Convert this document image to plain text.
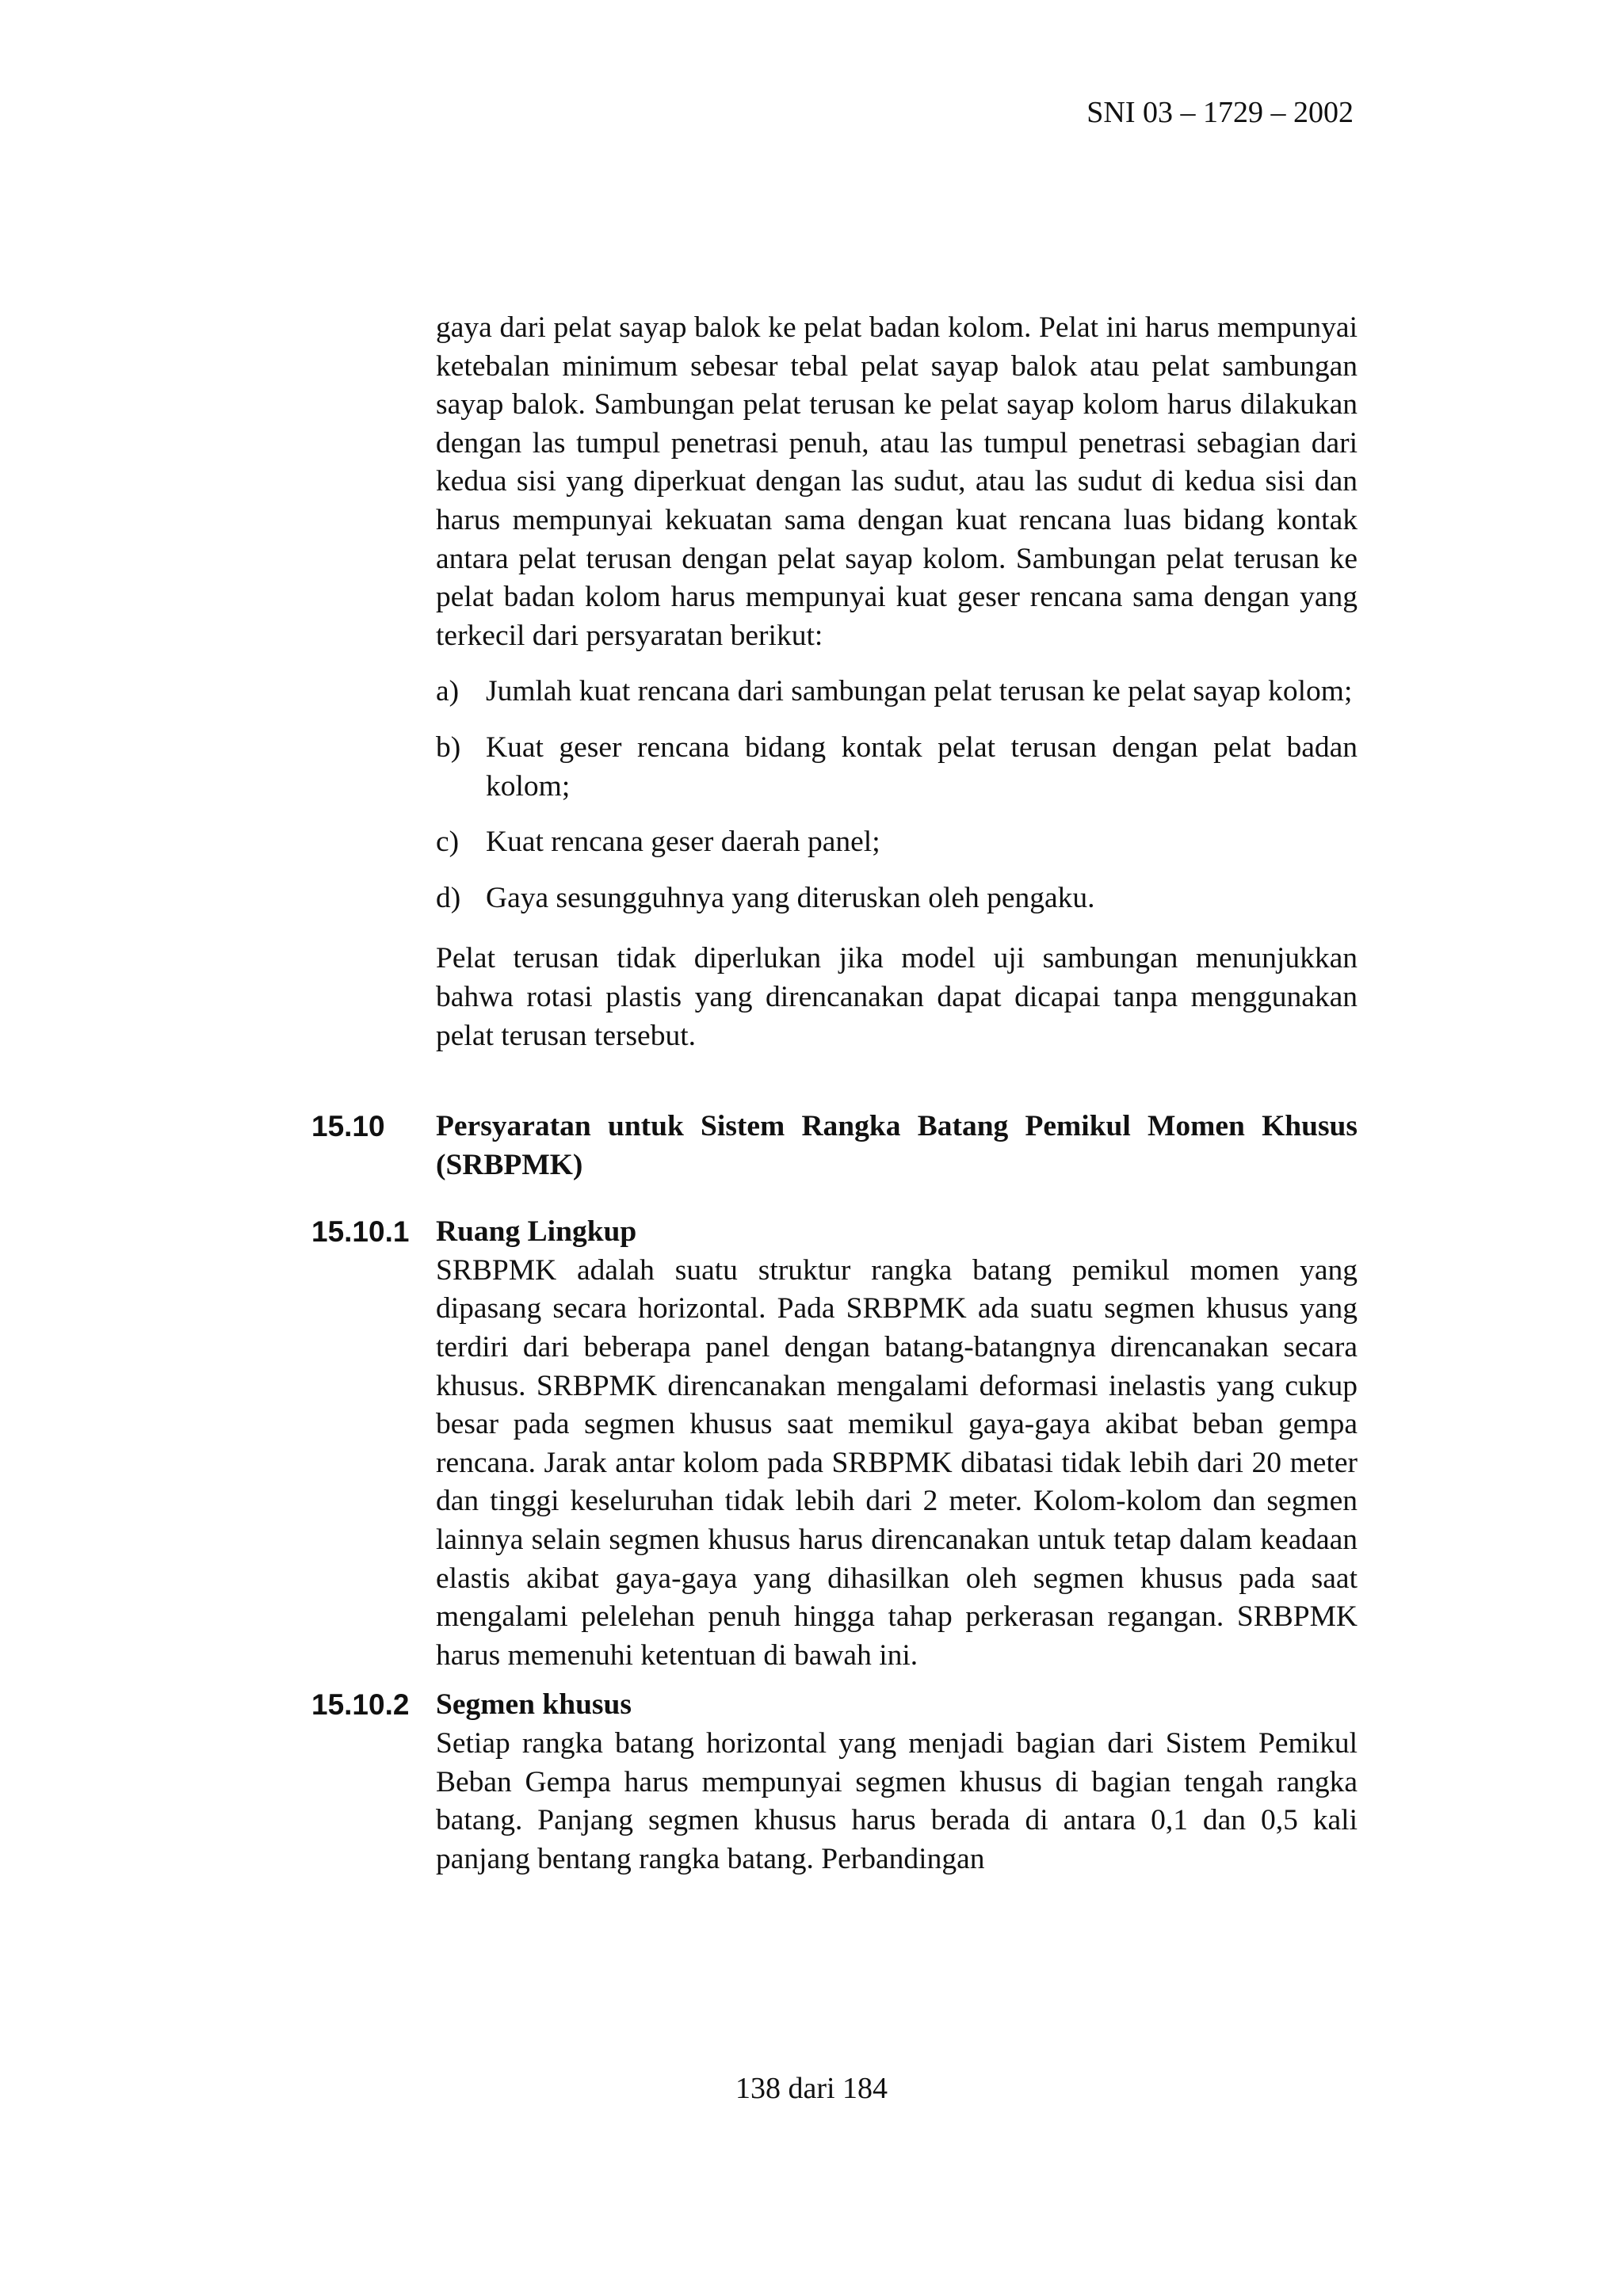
SNI 03 – 1729 – 2002

gaya dari pelat sayap balok ke pelat badan kolom. Pelat ini harus mempunyai ketebalan minimum sebesar tebal pelat sayap balok atau pelat sambungan sayap balok. Sambungan pelat terusan ke pelat sayap kolom harus dilakukan dengan las tumpul penetrasi penuh, atau las tumpul penetrasi sebagian dari kedua sisi yang diperkuat dengan las sudut, atau las sudut di kedua sisi dan harus mempunyai kekuatan sama dengan kuat rencana luas bidang kontak antara pelat terusan dengan pelat sayap kolom. Sambungan pelat terusan ke pelat badan kolom harus mempunyai kuat geser rencana sama dengan yang terkecil dari persyaratan berikut:

a) Jumlah kuat rencana dari sambungan pelat terusan ke pelat sayap kolom;
b) Kuat geser rencana bidang kontak pelat terusan dengan pelat badan kolom;
c) Kuat rencana geser daerah panel;
d) Gaya sesungguhnya yang diteruskan oleh pengaku.

Pelat terusan tidak diperlukan jika model uji sambungan menunjukkan bahwa rotasi plastis yang direncanakan dapat dicapai tanpa menggunakan pelat terusan tersebut.

15.10 Persyaratan untuk Sistem Rangka Batang Pemikul Momen Khusus (SRBPMK)
15.10.1 Ruang Lingkup

SRBPMK adalah suatu struktur rangka batang pemikul momen yang dipasang secara horizontal. Pada SRBPMK ada suatu segmen khusus yang terdiri dari beberapa panel dengan batang-batangnya direncanakan secara khusus. SRBPMK direncanakan mengalami deformasi inelastis yang cukup besar pada segmen khusus saat memikul gaya-gaya akibat beban gempa rencana. Jarak antar kolom pada SRBPMK dibatasi tidak lebih dari 20 meter dan tinggi keseluruhan tidak lebih dari 2 meter. Kolom-kolom dan segmen lainnya selain segmen khusus harus direncanakan untuk tetap dalam keadaan elastis akibat gaya-gaya yang dihasilkan oleh segmen khusus pada saat mengalami pelelehan penuh hingga tahap perkerasan regangan. SRBPMK harus memenuhi ketentuan di bawah ini.

15.10.2 Segmen khusus

Setiap rangka batang horizontal yang menjadi bagian dari Sistem Pemikul Beban Gempa harus mempunyai segmen khusus di bagian tengah rangka batang. Panjang segmen khusus harus berada di antara 0,1 dan 0,5 kali panjang bentang rangka batang. Perbandingan

138 dari 184
